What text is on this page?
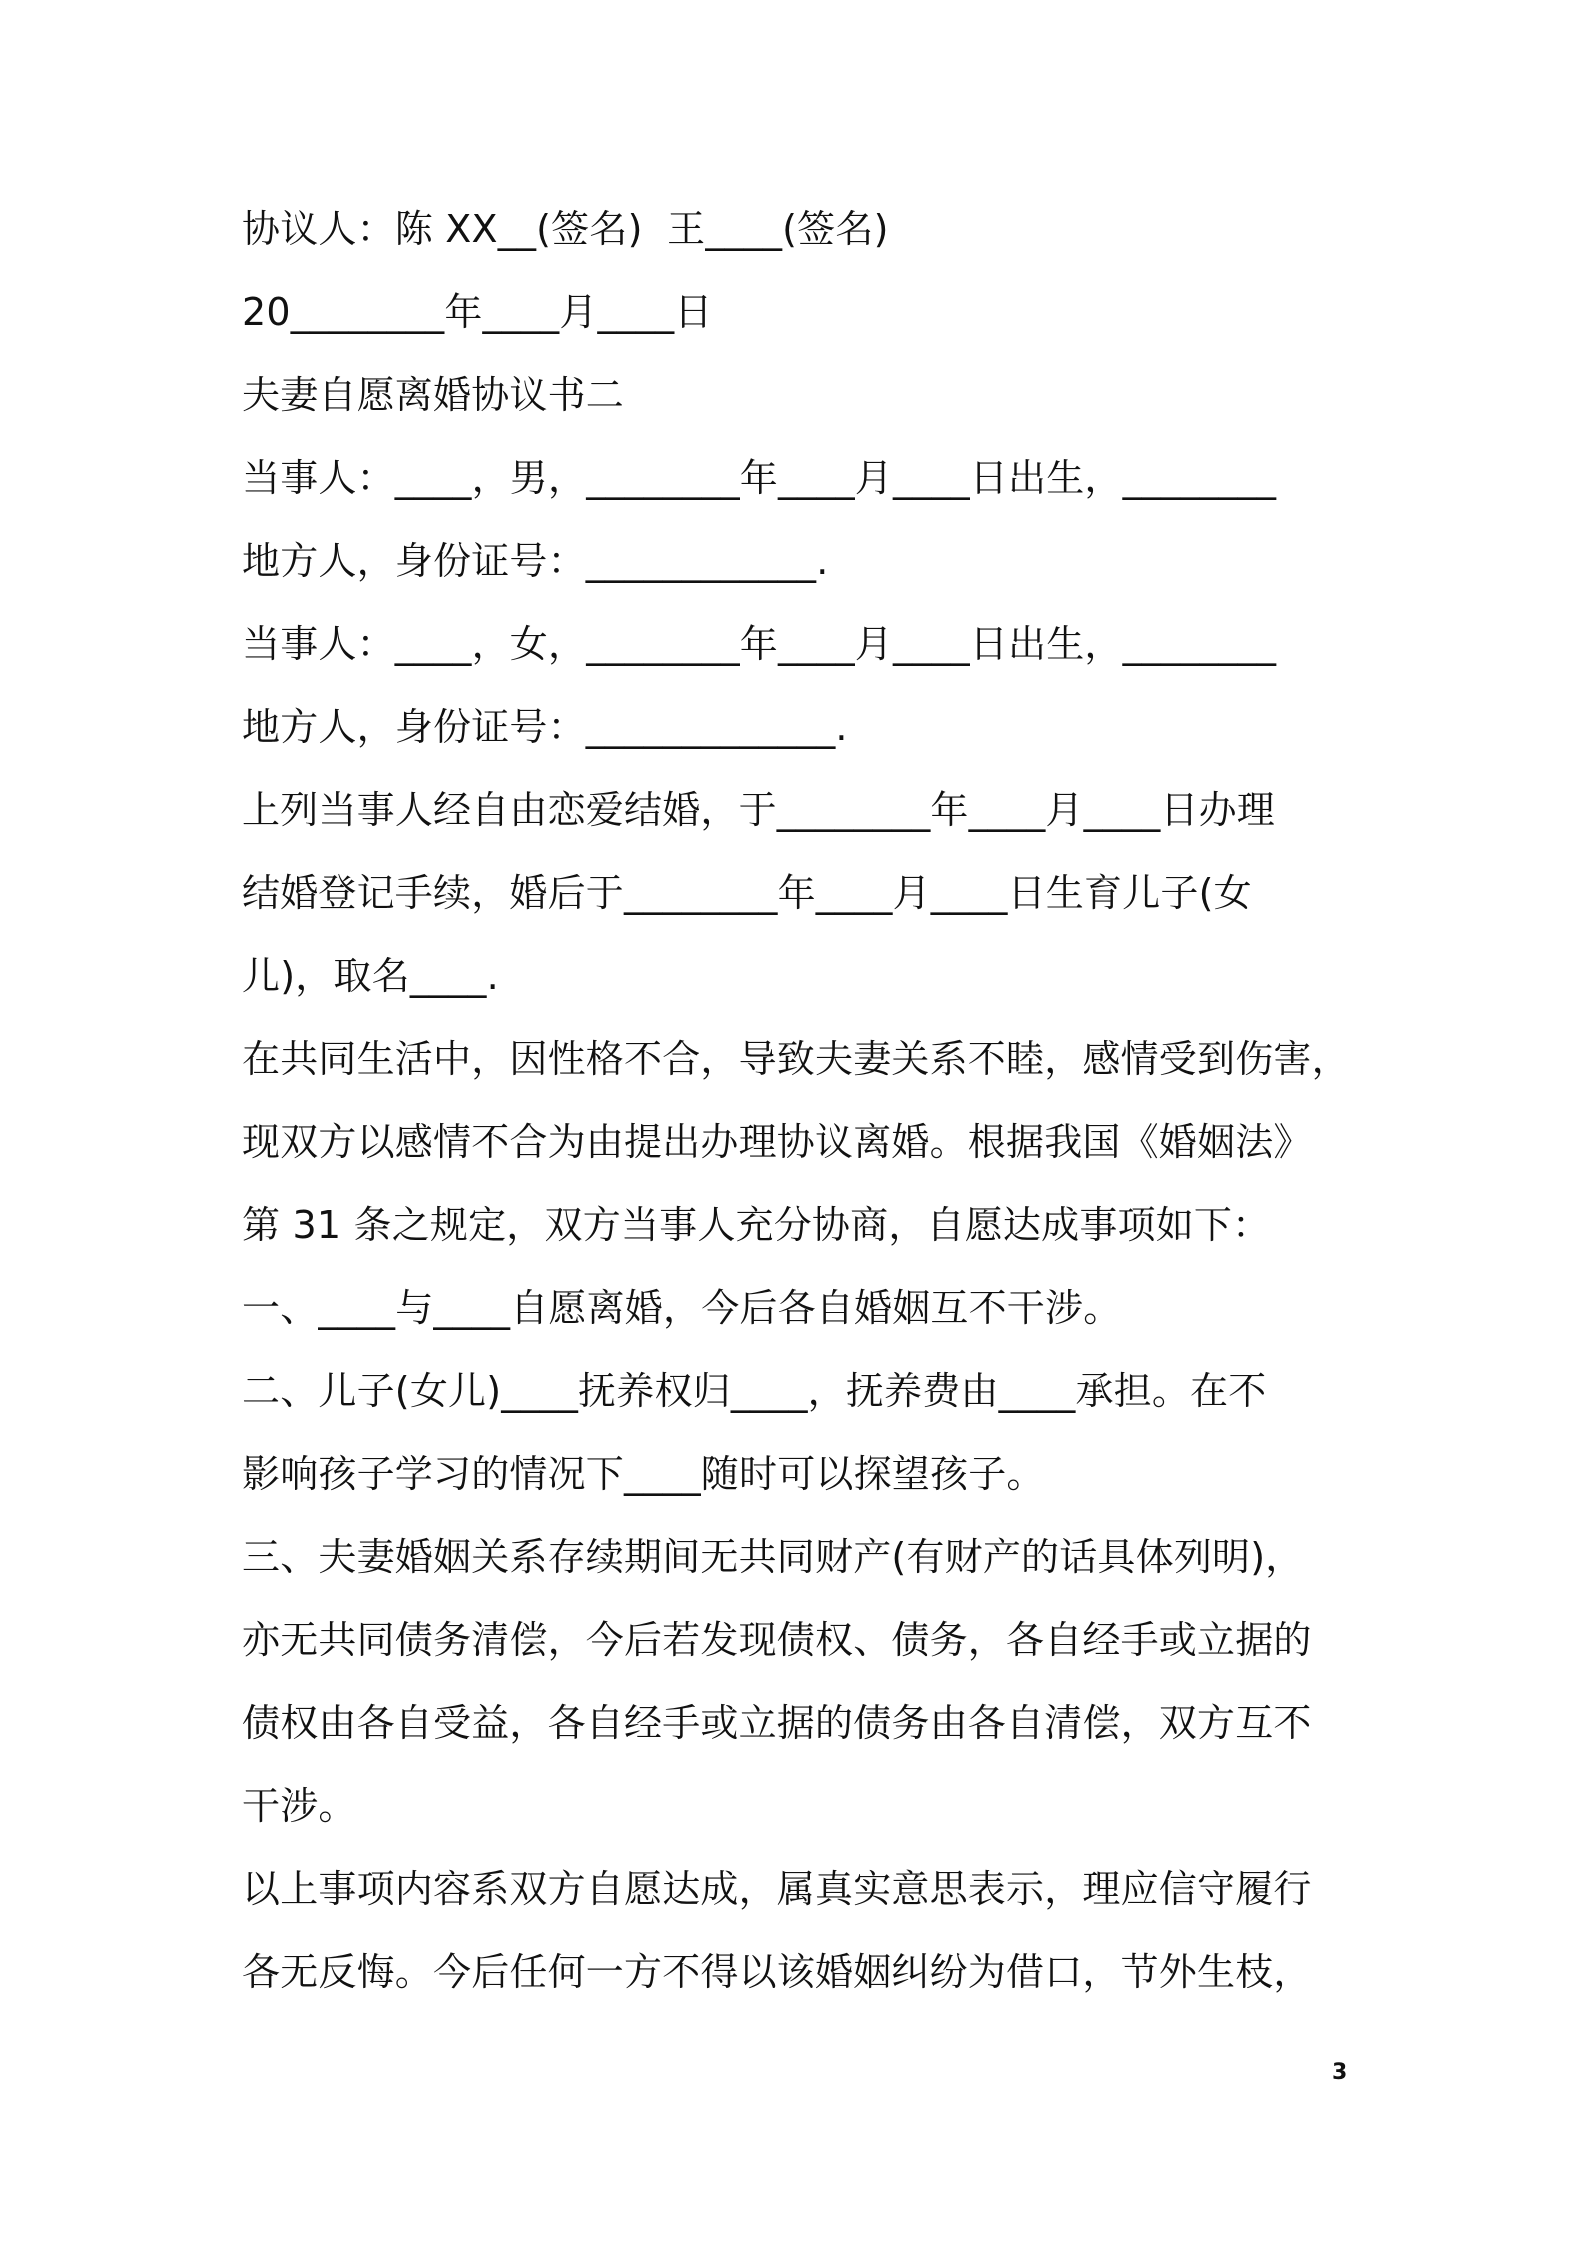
协议人：陈 XX__(签名)  王____(签名)
20________年____月____日
夫妻自愿离婚协议书二
当事人：____，男，________年____月____日出生，________
地方人，身份证号：____________.
当事人：____，女，________年____月____日出生，________
地方人，身份证号：_____________.
上列当事人经自由恋爱结婚，于________年____月____日办理
结婚登记手续，婚后于________年____月____日生育儿子(女
儿)，取名____.
在共同生活中，因性格不合，导致夫妻关系不睦，感情受到伤害，
现双方以感情不合为由提出办理协议离婚。根据我国《婚姻法》
第 31 条之规定，双方当事人充分协商，自愿达成事项如下：
一、____与____自愿离婚，今后各自婚姻互不干涉。
二、儿子(女儿)____抚养权归____，抚养费由____承担。在不
影响孩子学习的情况下____随时可以探望孩子。
三、夫妻婚姻关系存续期间无共同财产(有财产的话具体列明)，
亦无共同债务清偿，今后若发现债权、债务，各自经手或立据的
债权由各自受益，各自经手或立据的债务由各自清偿，双方互不
干涉。
以上事项内容系双方自愿达成，属真实意思表示，理应信守履行
各无反悔。今后任何一方不得以该婚姻纠纷为借口，节外生枝，
3
